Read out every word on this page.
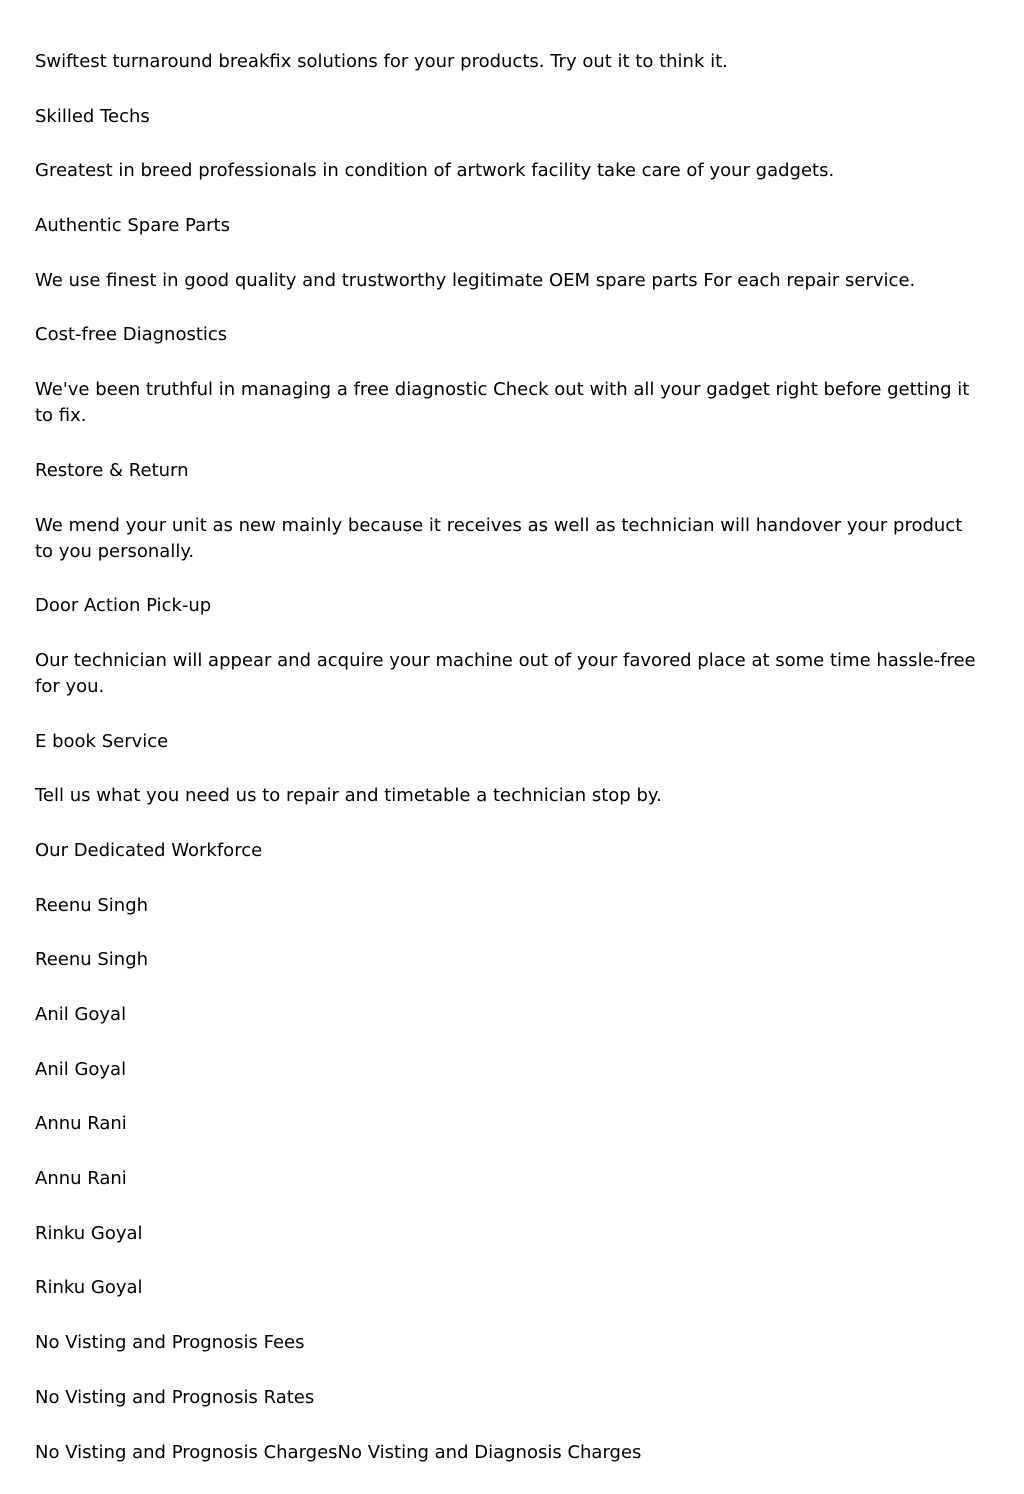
Swiftest turnaround breakfix solutions for your products. Try out it to think it.

Skilled Techs

Greatest in breed professionals in condition of artwork facility take care of your gadgets.

Authentic Spare Parts

We use finest in good quality and trustworthy legitimate OEM spare parts For each repair service.

Cost-free Diagnostics

We've been truthful in managing a free diagnostic Check out with all your gadget right before getting it to fix.

Restore & Return

We mend your unit as new mainly because it receives as well as technician will handover your product to you personally.

Door Action Pick-up

Our technician will appear and acquire your machine out of your favored place at some time hassle-free for you.

E book Service

Tell us what you need us to repair and timetable a technician stop by.

Our Dedicated Workforce

Reenu Singh

Reenu Singh

Anil Goyal

Anil Goyal

Annu Rani

Annu Rani

Rinku Goyal

Rinku Goyal

No Visting and Prognosis Fees

No Visting and Prognosis Rates

No Visting and Prognosis ChargesNo Visting and Diagnosis Charges
